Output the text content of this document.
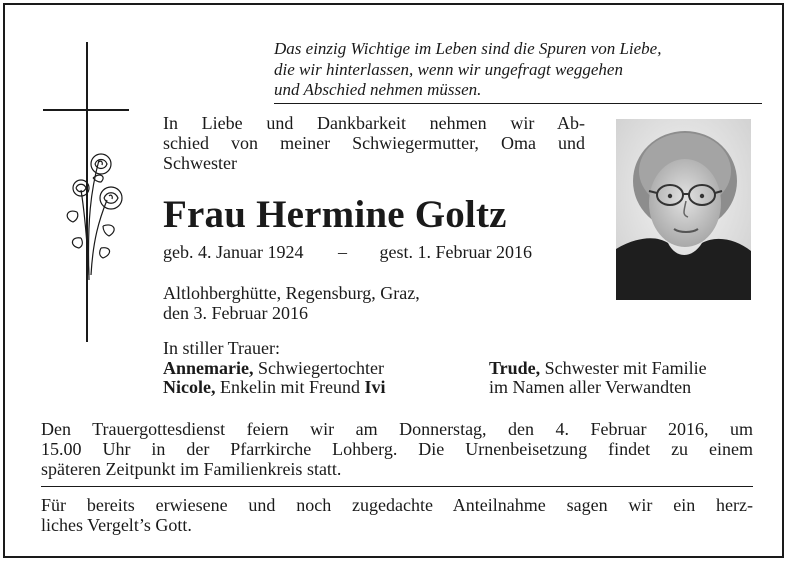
Das einzig Wichtige im Leben sind die Spuren von Liebe,
die wir hinterlassen, wenn wir ungefragt weggehen
und Abschied nehmen müssen.
In Liebe und Dankbarkeit nehmen wir Ab-
schied von meiner Schwiegermutter, Oma und
Schwester
Frau Hermine Goltz
geb. 4. Januar 1924 – gest. 1. Februar 2016
Altlohberghütte, Regensburg, Graz,
den 3. Februar 2016
In stiller Trauer:
Annemarie, Schwiegertochter	Trude, Schwester mit Familie
Nicole, Enkelin mit Freund Ivi	im Namen aller Verwandten
Den Trauergottesdienst feiern wir am Donnerstag, den 4. Februar 2016, um
15.00 Uhr in der Pfarrkirche Lohberg. Die Urnenbeisetzung findet zu einem
späteren Zeitpunkt im Familienkreis statt.
Für bereits erwiesene und noch zugedachte Anteilnahme sagen wir ein herz-
liches Vergelt’s Gott.
